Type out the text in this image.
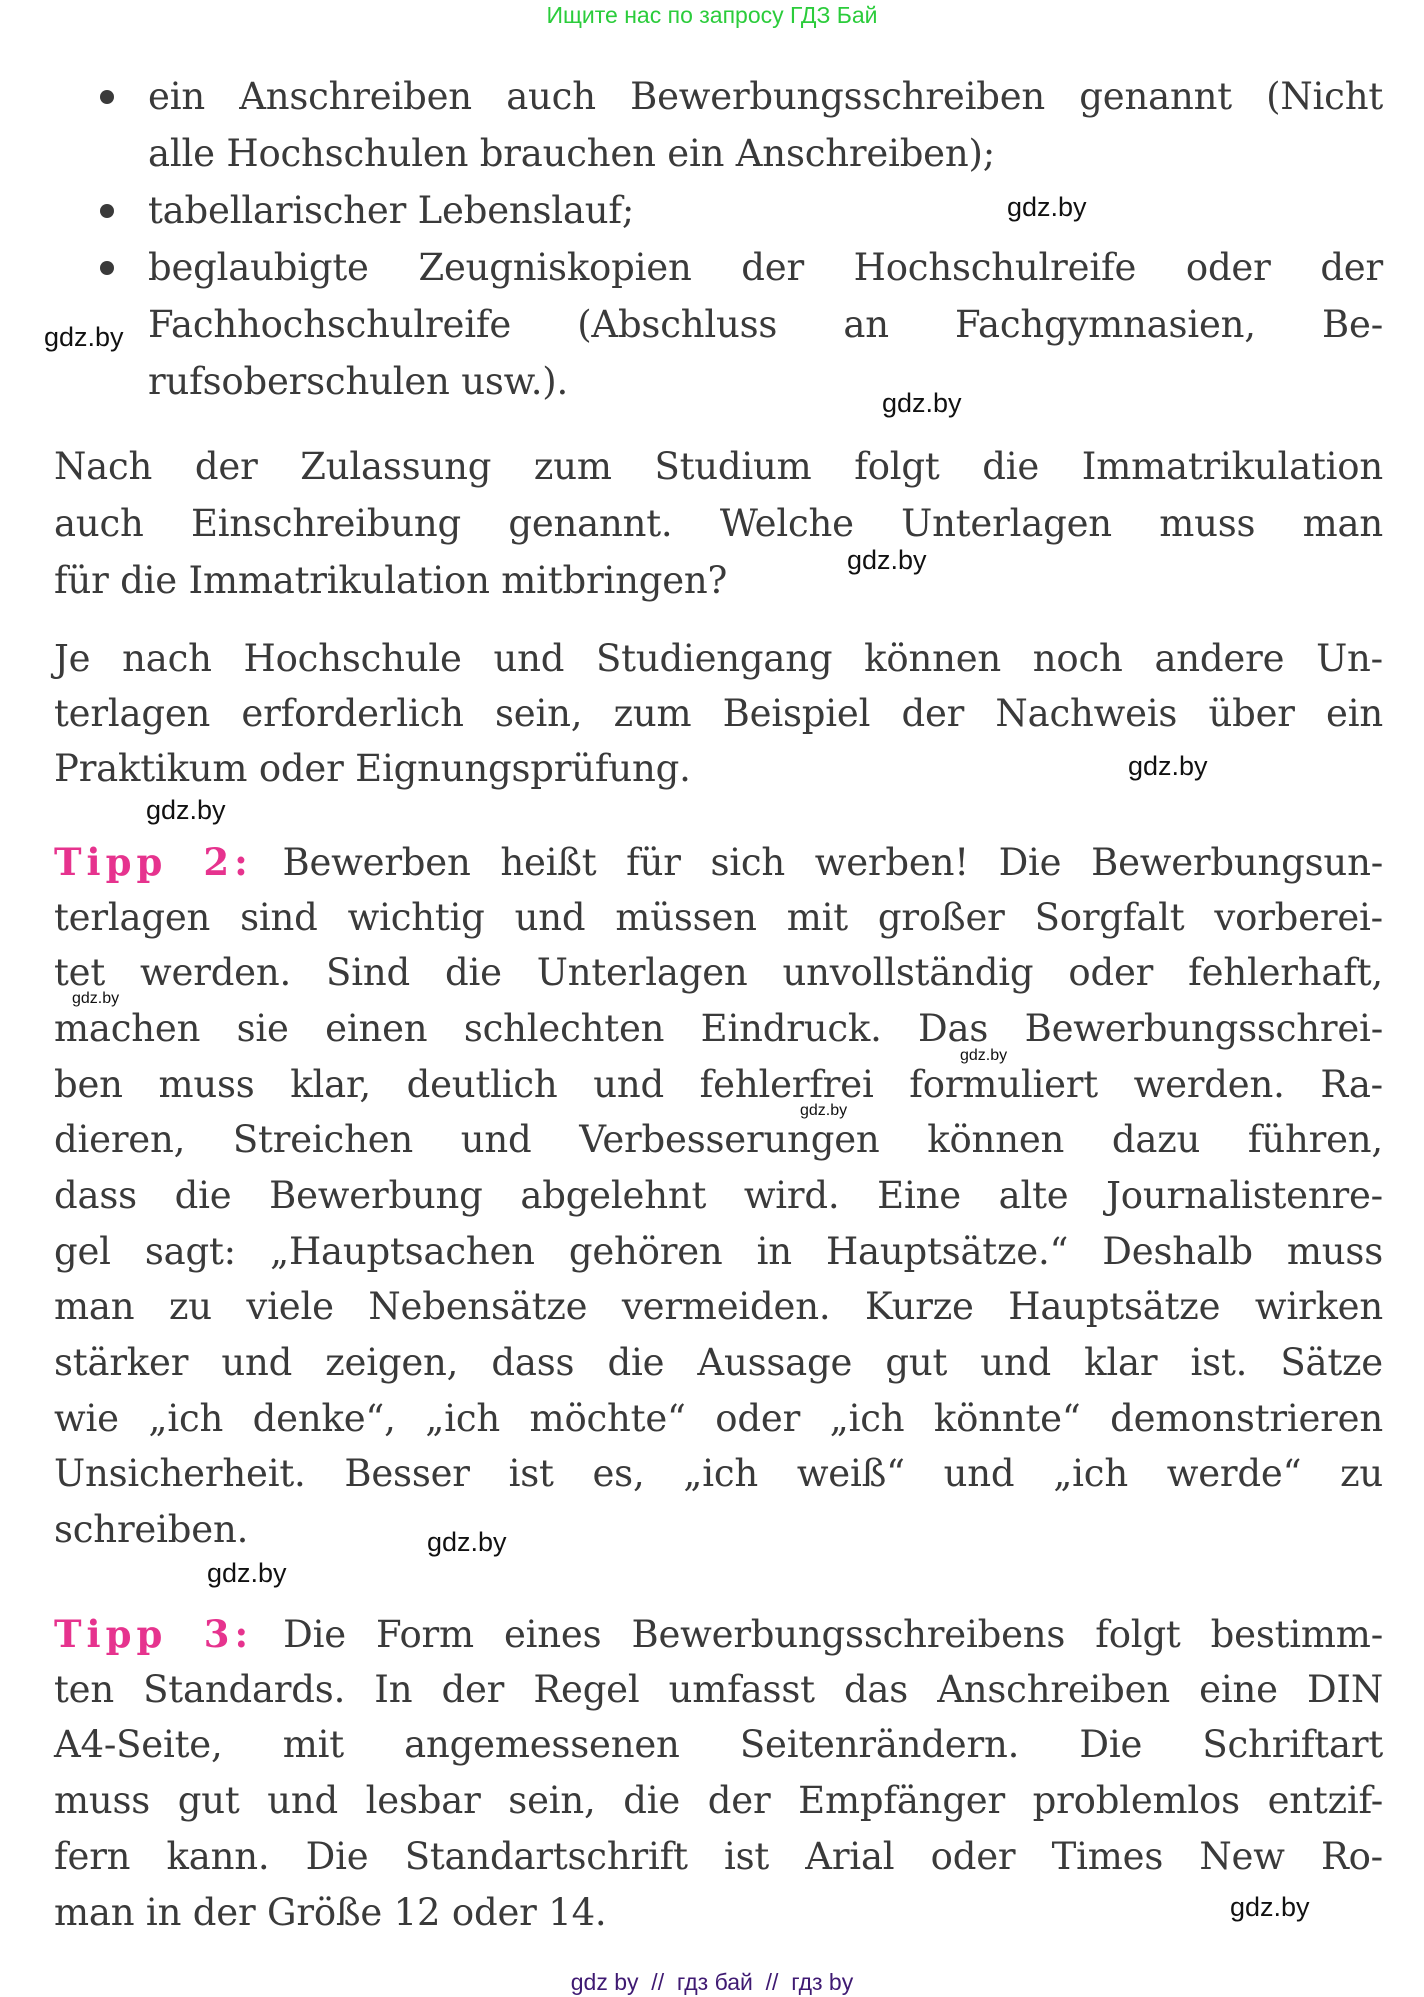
Ищите нас по запросу ГДЗ Бай
ein Anschreiben auch Bewerbungsschreiben genannt (Nicht
alle Hochschulen brauchen ein Anschreiben);
tabellarischer Lebenslauf;
beglaubigte Zeugniskopien der Hochschulreife oder der
Fachhochschulreife (Abschluss an Fachgymnasien, Be-
rufsoberschulen usw.).
Nach der Zulassung zum Studium folgt die Immatrikulation
auch Einschreibung genannt. Welche Unterlagen muss man
für die Immatrikulation mitbringen?
Je nach Hochschule und Studiengang können noch andere Un-
terlagen erforderlich sein, zum Beispiel der Nachweis über ein
Praktikum oder Eignungsprüfung.
Tipp 2: Bewerben heißt für sich werben! Die Bewerbungsun-
terlagen sind wichtig und müssen mit großer Sorgfalt vorberei-
tet werden. Sind die Unterlagen unvollständig oder fehlerhaft,
machen sie einen schlechten Eindruck. Das Bewerbungsschrei-
ben muss klar, deutlich und fehlerfrei formuliert werden. Ra-
dieren, Streichen und Verbesserungen können dazu führen,
dass die Bewerbung abgelehnt wird. Eine alte Journalistenre-
gel sagt: „Hauptsachen gehören in Hauptsätze.“ Deshalb muss
man zu viele Nebensätze vermeiden. Kurze Hauptsätze wirken
stärker und zeigen, dass die Aussage gut und klar ist. Sätze
wie „ich denke“, „ich möchte“ oder „ich könnte“ demonstrieren
Unsicherheit. Besser ist es, „ich weiß“ und „ich werde“ zu
schreiben.
Tipp 3: Die Form eines Bewerbungsschreibens folgt bestimm-
ten Standards. In der Regel umfasst das Anschreiben eine DIN
A4-Seite, mit angemessenen Seitenrändern. Die Schriftart
muss gut und lesbar sein, die der Empfänger problemlos entzif-
fern kann. Die Standartschrift ist Arial oder Times New Ro-
man in der Größe 12 oder 14.
gdz.by
gdz.by
gdz.by
gdz.by
gdz.by
gdz.by
gdz.by
gdz.by
gdz.by
gdz.by
gdz.by
gdz.by
gdz by  //  гдз бай  //  гдз by
